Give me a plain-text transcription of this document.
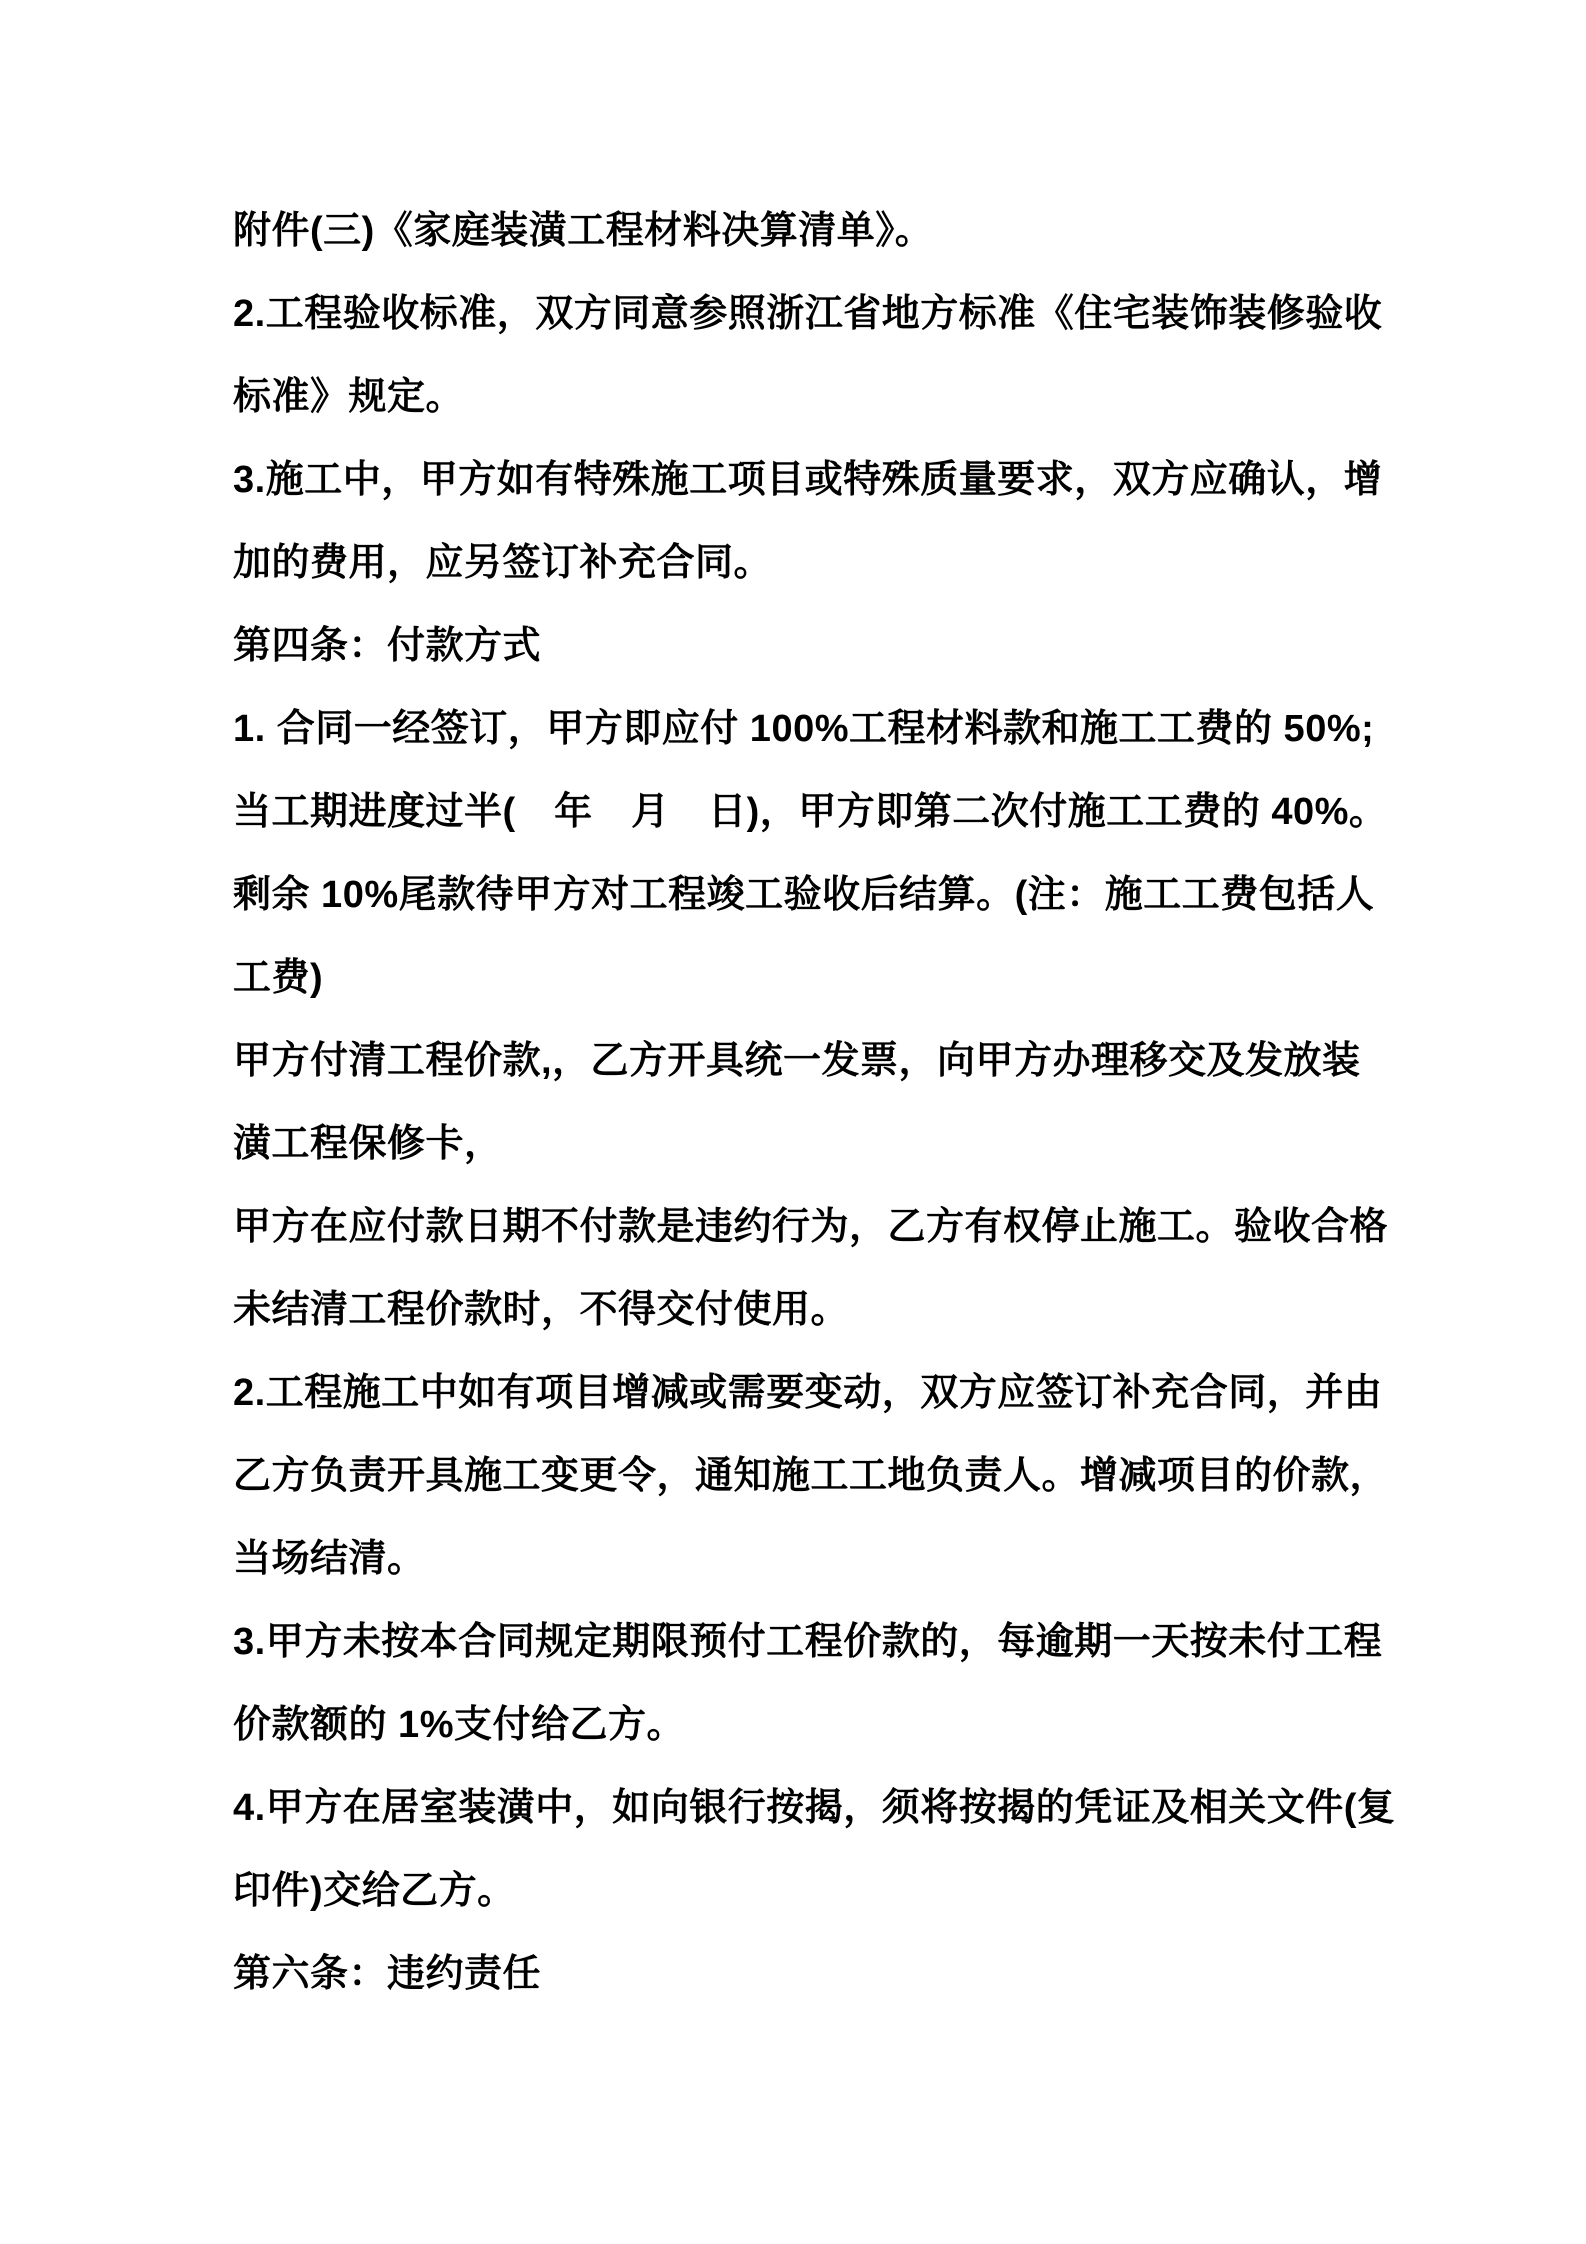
附件(三)《家庭装潢工程材料决算清单》。
2.工程验收标准，双方同意参照浙江省地方标准《住宅装饰装修验收
标准》规定。
3.施工中，甲方如有特殊施工项目或特殊质量要求，双方应确认，增
加的费用，应另签订补充合同。
第四条：付款方式
1. 合同一经签订，甲方即应付 100%工程材料款和施工工费的 50%;
当工期进度过半(　年　月　日)，甲方即第二次付施工工费的 40%。
剩余 10%尾款待甲方对工程竣工验收后结算。(注：施工工费包括人
工费)
甲方付清工程价款,，乙方开具统一发票，向甲方办理移交及发放装
潢工程保修卡，
甲方在应付款日期不付款是违约行为，乙方有权停止施工。验收合格
未结清工程价款时，不得交付使用。
2.工程施工中如有项目增减或需要变动，双方应签订补充合同，并由
乙方负责开具施工变更令，通知施工工地负责人。增减项目的价款，
当场结清。
3.甲方未按本合同规定期限预付工程价款的，每逾期一天按未付工程
价款额的 1%支付给乙方。
4.甲方在居室装潢中，如向银行按揭，须将按揭的凭证及相关文件(复
印件)交给乙方。
第六条：违约责任
